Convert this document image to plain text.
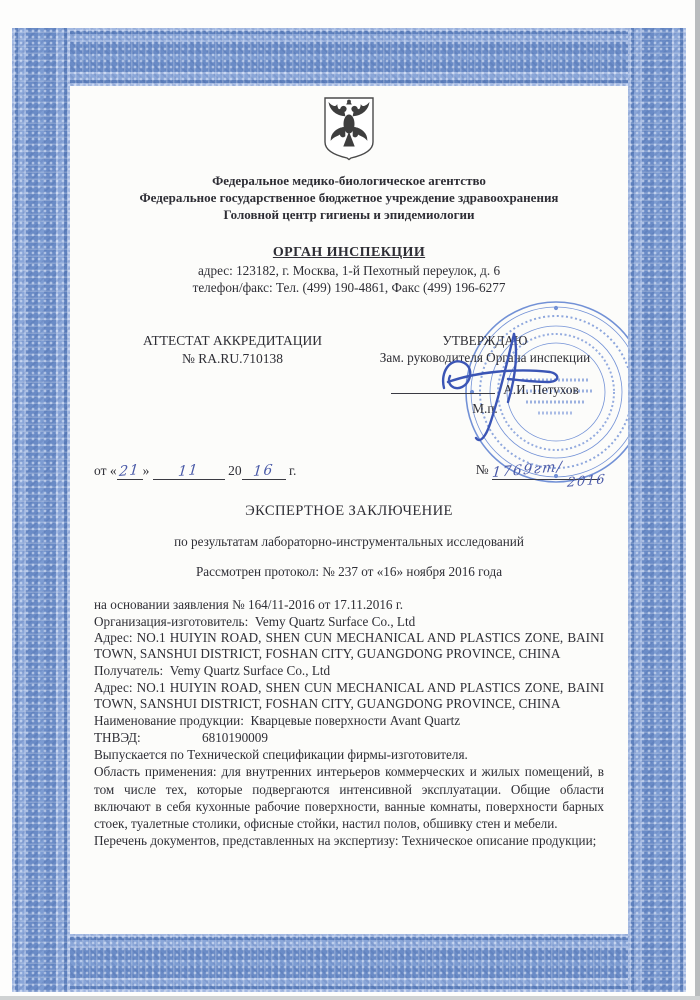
Федеральное медико-биологическое агентство
Федеральное государственное бюджетное учреждение здравоохранения
Головной центр гигиены и эпидемиологии
ОРГАН ИНСПЕКЦИИ
адрес: 123182, г. Москва, 1-й Пехотный переулок, д. 6
телефон/факс: Тел. (499) 190-4861, Факс (499) 196-6277
АТТЕСТАТ АККРЕДИТАЦИИ
№ RA.RU.710138
УТВЕРЖДАЮ
Зам. руководителя Органа инспекции
А.И. Петухов
М.п.
от « 21 » 11 20 16 г.	№ 1769гт/
2016
ЭКСПЕРТНОЕ ЗАКЛЮЧЕНИЕ
по результатам лабораторно-инструментальных исследований
Рассмотрен протокол: № 237 от «16» ноября 2016 года
на основании заявления № 164/11-2016 от 17.11.2016 г.

Организация-изготовитель: Vemy Quartz Surface Co., Ltd

Адрес: NO.1 HUIYIN ROAD, SHEN CUN MECHANICAL AND PLASTICS ZONE, BAINI TOWN, SANSHUI DISTRICT, FOSHAN CITY, GUANGDONG PROVINCE, CHINA

Получатель: Vemy Quartz Surface Co., Ltd

Адрес: NO.1 HUIYIN ROAD, SHEN CUN MECHANICAL AND PLASTICS ZONE, BAINI TOWN, SANSHUI DISTRICT, FOSHAN CITY, GUANGDONG PROVINCE, CHINA

Наименование продукции: Кварцевые поверхности Avant Quartz

ТНВЭД:	6810190009

Выпускается по Технической спецификации фирмы-изготовителя.

Область применения: для внутренних интерьеров коммерческих и жилых помещений, в том числе тех, которые подвергаются интенсивной эксплуатации. Общие области включают в себя кухонные рабочие поверхности, ванные комнаты, поверхности барных стоек, туалетные столики, офисные стойки, настил полов, обшивку стен и мебели.

Перечень документов, представленных на экспертизу: Техническое описание продукции;
